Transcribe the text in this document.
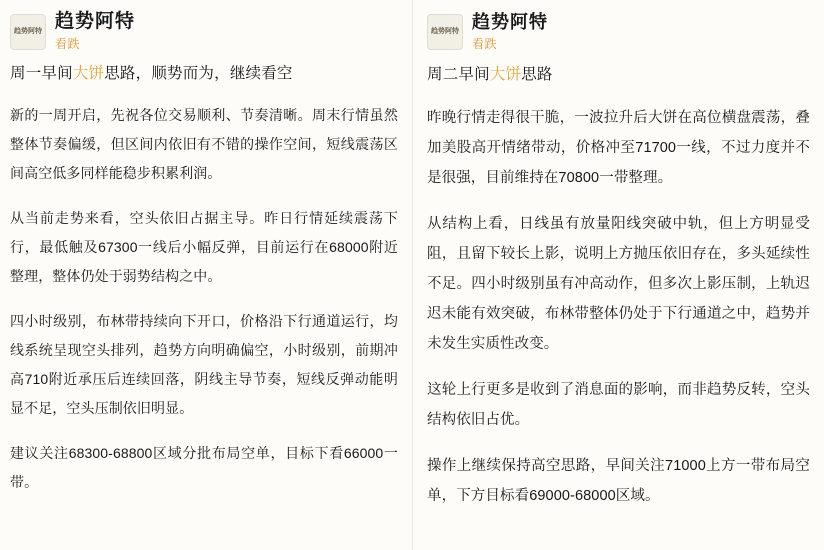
趋势阿特 趋势阿特
看跌
周一早间大饼思路，顺势而为，继续看空

新的一周开启，先祝各位交易顺利、节奏清晰。周末行情虽然整体节奏偏缓，但区间内依旧有不错的操作空间，短线震荡区间高空低多同样能稳步积累利润。

从当前走势来看，空头依旧占据主导。昨日行情延续震荡下行，最低触及67300一线后小幅反弹，目前运行在68000附近整理，整体仍处于弱势结构之中。

四小时级别，布林带持续向下开口，价格沿下行通道运行，均线系统呈现空头排列，趋势方向明确偏空，小时级别，前期冲高710附近承压后连续回落，阴线主导节奏，短线反弹动能明显不足，空头压制依旧明显。

建议关注68300-68800区域分批布局空单，目标下看66000一带。

趋势阿特 趋势阿特
看跌
周二早间大饼思路

昨晚行情走得很干脆，一波拉升后大饼在高位横盘震荡，叠加美股高开情绪带动，价格冲至71700一线，不过力度并不是很强，目前维持在70800一带整理。

从结构上看，日线虽有放量阳线突破中轨，但上方明显受阻，且留下较长上影，说明上方抛压依旧存在，多头延续性不足。四小时级别虽有冲高动作，但多次上影压制，上轨迟迟未能有效突破，布林带整体仍处于下行通道之中，趋势并未发生实质性改变。

这轮上行更多是收到了消息面的影响，而非趋势反转，空头结构依旧占优。

操作上继续保持高空思路，早间关注71000上方一带布局空单，下方目标看69000-68000区域。
